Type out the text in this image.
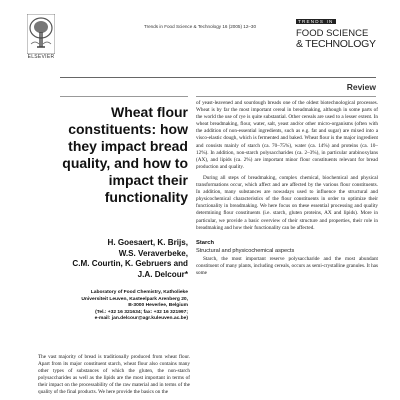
ELSEVIER
Trends in Food Science & Technology 16 (2005) 12–30
TRENDS IN
FOOD SCIENCE
& TECHNOLOGY
Review
Wheat flour
constituents: how
they impact bread
quality, and how to
impact their
functionality
H. Goesaert, K. Brijs,
W.S. Veraverbeke,
C.M. Courtin, K. Gebruers and
J.A. Delcour*
Laboratory of Food Chemistry, Katholieke
Universiteit Leuven, Kasteelpark Arenberg 20,
B-3000 Heverlee, Belgium
(Tel.: +32 16 321634; fax: +32 16 321997;
e-mail: jan.delcour@agr.kuleuven.ac.be)
The vast majority of bread is traditionally produced from wheat flour. Apart from its major constituent starch, wheat flour also contains many other types of substances of which the gluten, the non-starch polysaccharides as well as the lipids are the most important in terms of their impact on the processability of the raw material and in terms of the quality of the final products. We here provide the basics on the

of yeast-leavened and sourdough breads one of the oldest biotechnological processes. Wheat is by far the most important cereal in breadmaking, although in some parts of the world the use of rye is quite substantial. Other cereals are used to a lesser extent. In wheat breadmaking, flour, water, salt, yeast and/or other micro-organisms (often with the addition of non-essential ingredients, such as e.g. fat and sugar) are mixed into a visco-elastic dough, which is fermented and baked. Wheat flour is the major ingredient and consists mainly of starch (ca. 70–75%), water (ca. 14%) and proteins (ca. 10–12%). In addition, non-starch polysaccharides (ca. 2–3%), in particular arabinoxylans (AX), and lipids (ca. 2%) are important minor flour constituents relevant for bread production and quality.

During all steps of breadmaking, complex chemical, biochemical and physical transformations occur, which affect and are affected by the various flour constituents. In addition, many substances are nowadays used to influence the structural and physicochemical characteristics of the flour constituents in order to optimize their functionality in breadmaking. We here focus on these essential processing and quality determining flour constituents (i.e. starch, gluten proteins, AX and lipids). More in particular, we provide a basic overview of their structure and properties, their role in breadmaking and how their functionality can be affected.

Starch
Structural and physicochemical aspects

Starch, the most important reserve polysaccharide and the most abundant constituent of many plants, including cereals, occurs as semi-crystalline granules. It has some
